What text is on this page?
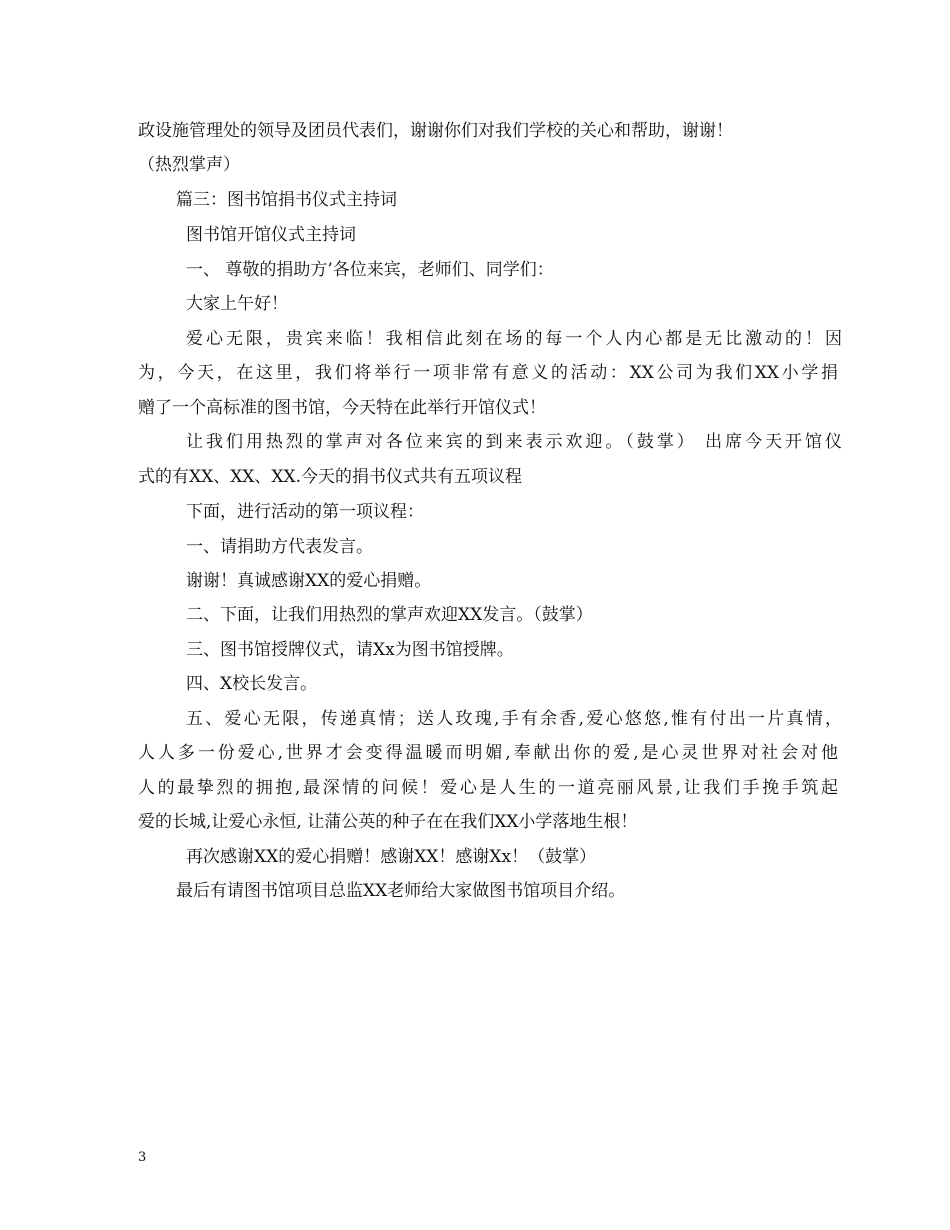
政设施管理处的领导及团员代表们，谢谢你们对我们学校的关心和帮助，谢谢！
（热烈掌声）
篇三：图书馆捐书仪式主持词
图书馆开馆仪式主持词
一、 尊敬的捐助方’各位来宾，老师们、同学们：
大家上午好！
爱心无限，贵宾来临！我相信此刻在场的每一个人内心都是无比激动的！因
为，今天，在这里，我们将举行一项非常有意义的活动：XX公司为我们XX小学捐
赠了一个高标准的图书馆，今天特在此举行开馆仪式！
让我们用热烈的掌声对各位来宾的到来表示欢迎。（鼓掌） 出席今天开馆仪
式的有XX、XX、XX.今天的捐书仪式共有五项议程
下面，进行活动的第一项议程：
一、请捐助方代表发言。
谢谢！真诚感谢XX的爱心捐赠。
二、下面，让我们用热烈的掌声欢迎XX发言。（鼓掌）
三、图书馆授牌仪式，请Xx为图书馆授牌。
四、X校长发言。
五、爱心无限，传递真情；送人玫瑰,手有余香,爱心悠悠,惟有付出一片真情，
人人多一份爱心,世界才会变得温暖而明媚,奉献出你的爱,是心灵世界对社会对他
人的最挚烈的拥抱,最深情的问候！爱心是人生的一道亮丽风景,让我们手挽手筑起
爱的长城,让爱心永恒, 让蒲公英的种子在在我们XX小学落地生根！
再次感谢XX的爱心捐赠！感谢XX！感谢Xx！（鼓掌）
最后有请图书馆项目总监XX老师给大家做图书馆项目介绍。
3
